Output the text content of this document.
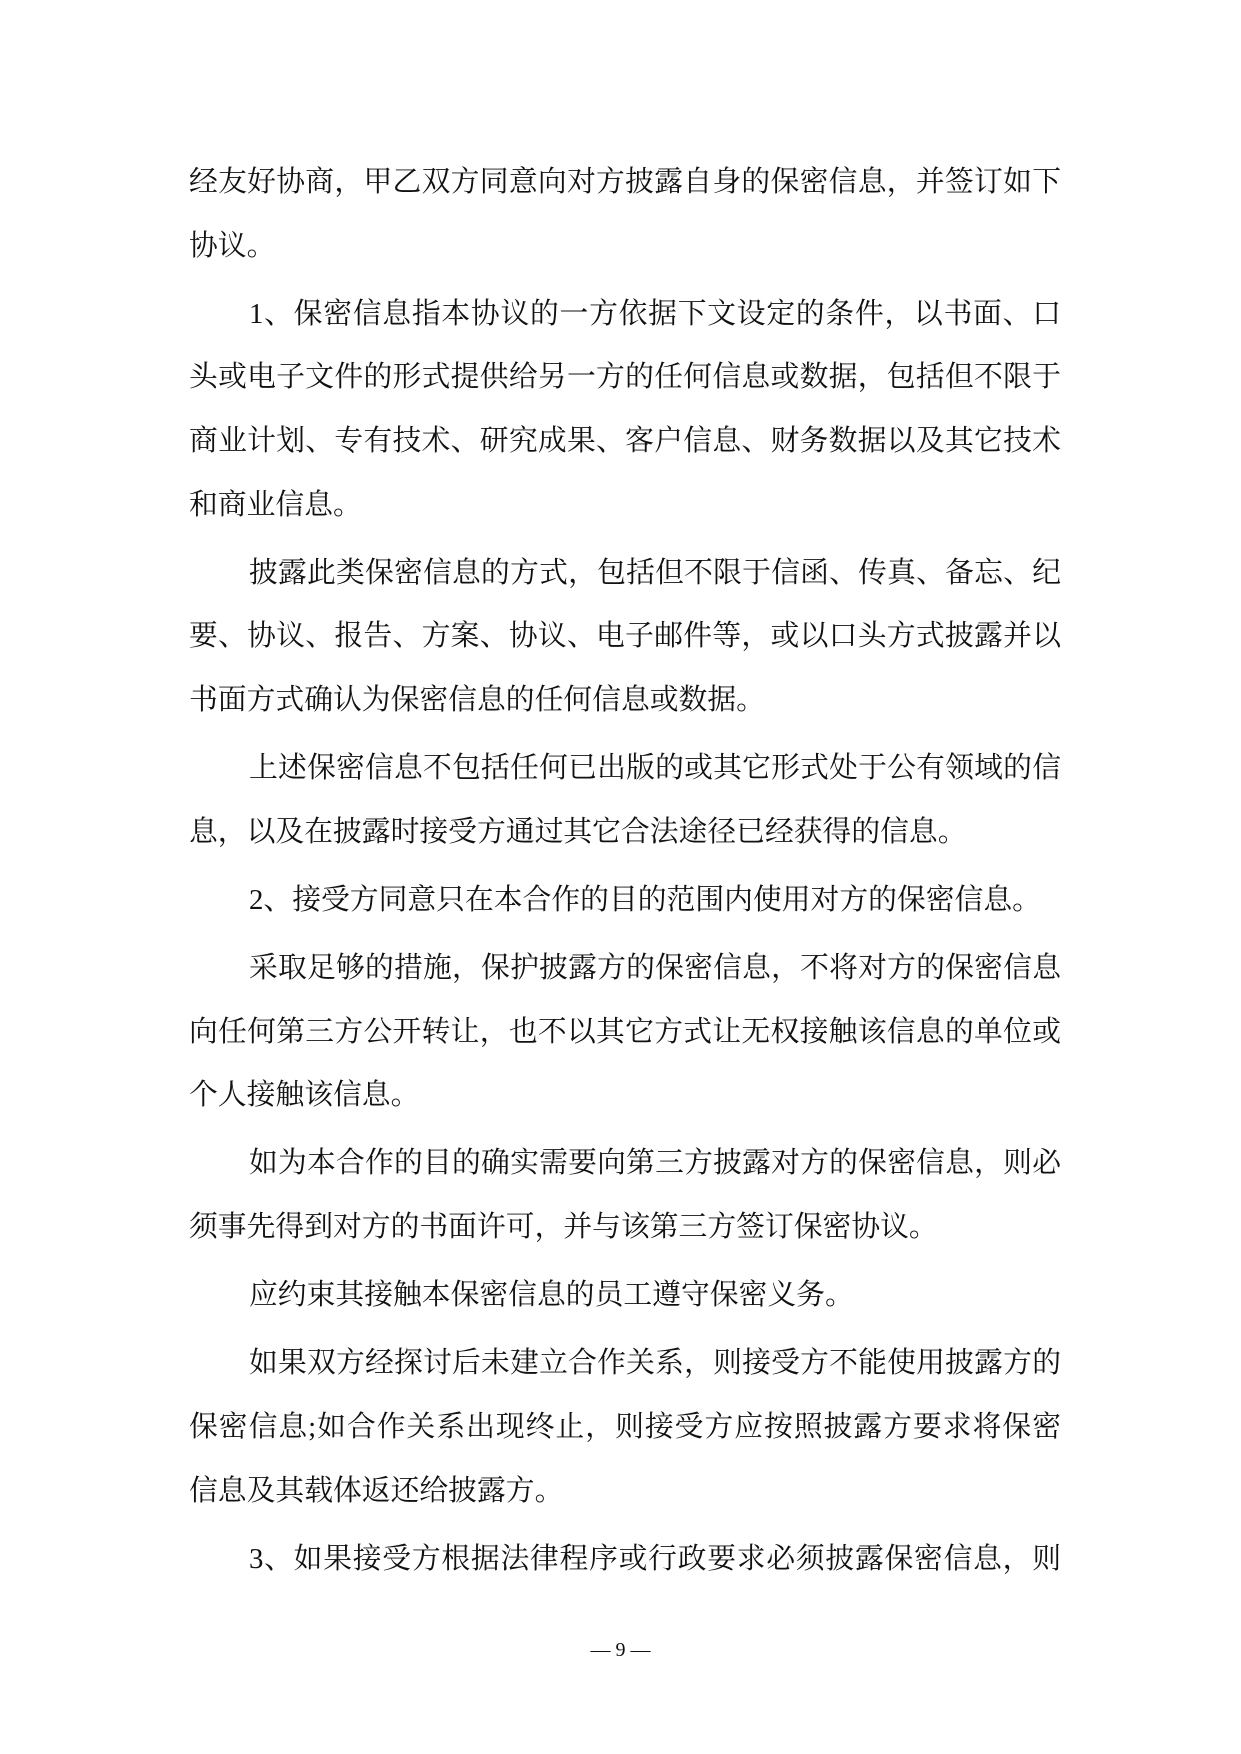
经友好协商，甲乙双方同意向对方披露自身的保密信息，并签订如下
协议。
1、保密信息指本协议的一方依据下文设定的条件，以书面、口
头或电子文件的形式提供给另一方的任何信息或数据，包括但不限于
商业计划、专有技术、研究成果、客户信息、财务数据以及其它技术
和商业信息。
披露此类保密信息的方式，包括但不限于信函、传真、备忘、纪
要、协议、报告、方案、协议、电子邮件等，或以口头方式披露并以
书面方式确认为保密信息的任何信息或数据。
上述保密信息不包括任何已出版的或其它形式处于公有领域的信
息，以及在披露时接受方通过其它合法途径已经获得的信息。
2、接受方同意只在本合作的目的范围内使用对方的保密信息。
采取足够的措施，保护披露方的保密信息，不将对方的保密信息
向任何第三方公开转让，也不以其它方式让无权接触该信息的单位或
个人接触该信息。
如为本合作的目的确实需要向第三方披露对方的保密信息，则必
须事先得到对方的书面许可，并与该第三方签订保密协议。
应约束其接触本保密信息的员工遵守保密义务。
如果双方经探讨后未建立合作关系，则接受方不能使用披露方的
保密信息;如合作关系出现终止，则接受方应按照披露方要求将保密
信息及其载体返还给披露方。
3、如果接受方根据法律程序或行政要求必须披露保密信息，则
— 9 —
